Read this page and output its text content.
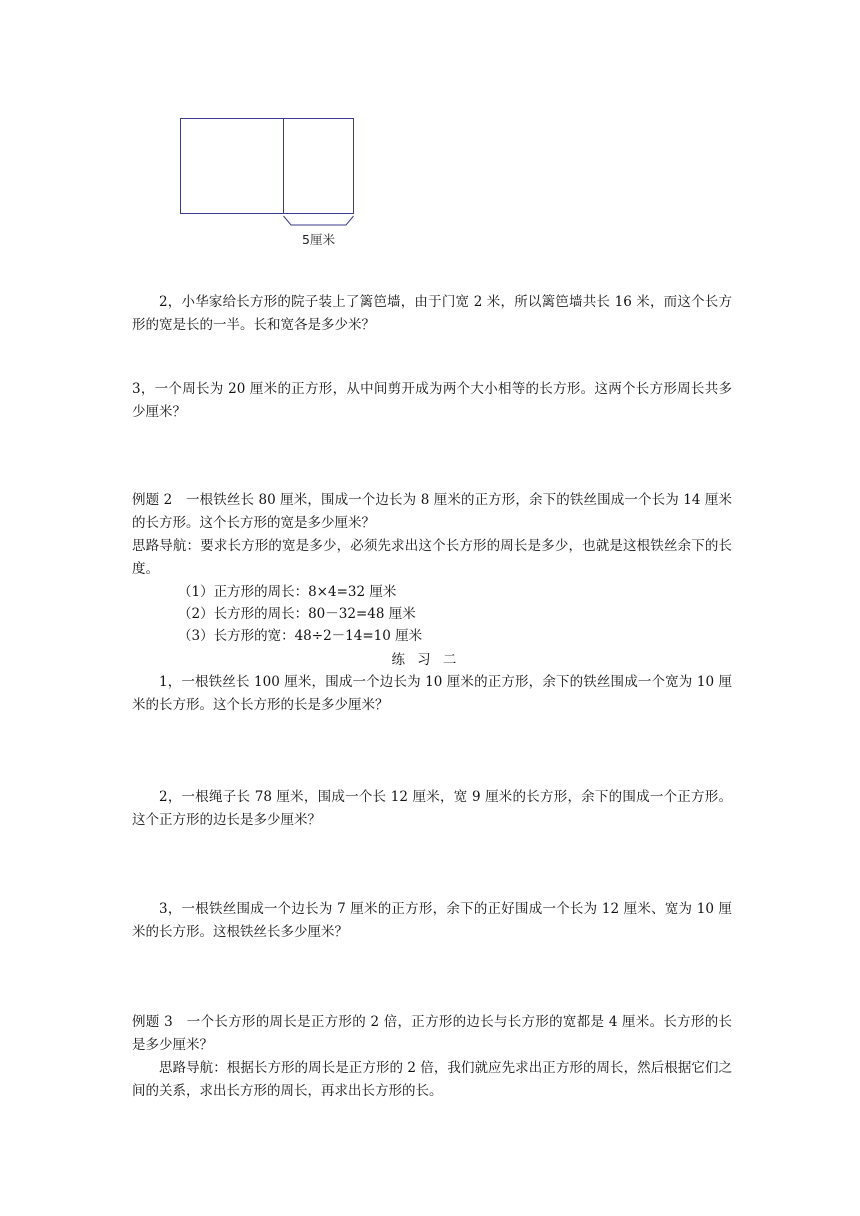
5厘米

2，小华家给长方形的院子装上了篱笆墙，由于门宽 2 米，所以篱笆墙共长 16 米，而这个长方形的宽是长的一半。长和宽各是多少米？

3，一个周长为 20 厘米的正方形，从中间剪开成为两个大小相等的长方形。这两个长方形周长共多少厘米？

例题 2　一根铁丝长 80 厘米，围成一个边长为 8 厘米的正方形，余下的铁丝围成一个长为 14 厘米的长方形。这个长方形的宽是多少厘米？

思路导航：要求长方形的宽是多少，必须先求出这个长方形的周长是多少，也就是这根铁丝余下的长度。

（1）正方形的周长：8×4=32 厘米

（2）长方形的周长：80－32=48 厘米

（3）长方形的宽：48÷2－14=10 厘米

练习二

1，一根铁丝长 100 厘米，围成一个边长为 10 厘米的正方形，余下的铁丝围成一个宽为 10 厘米的长方形。这个长方形的长是多少厘米？

2，一根绳子长 78 厘米，围成一个长 12 厘米，宽 9 厘米的长方形，余下的围成一个正方形。这个正方形的边长是多少厘米？

3，一根铁丝围成一个边长为 7 厘米的正方形，余下的正好围成一个长为 12 厘米、宽为 10 厘米的长方形。这根铁丝长多少厘米？

例题 3　一个长方形的周长是正方形的 2 倍，正方形的边长与长方形的宽都是 4 厘米。长方形的长是多少厘米？

思路导航：根据长方形的周长是正方形的 2 倍，我们就应先求出正方形的周长，然后根据它们之间的关系，求出长方形的周长，再求出长方形的长。
